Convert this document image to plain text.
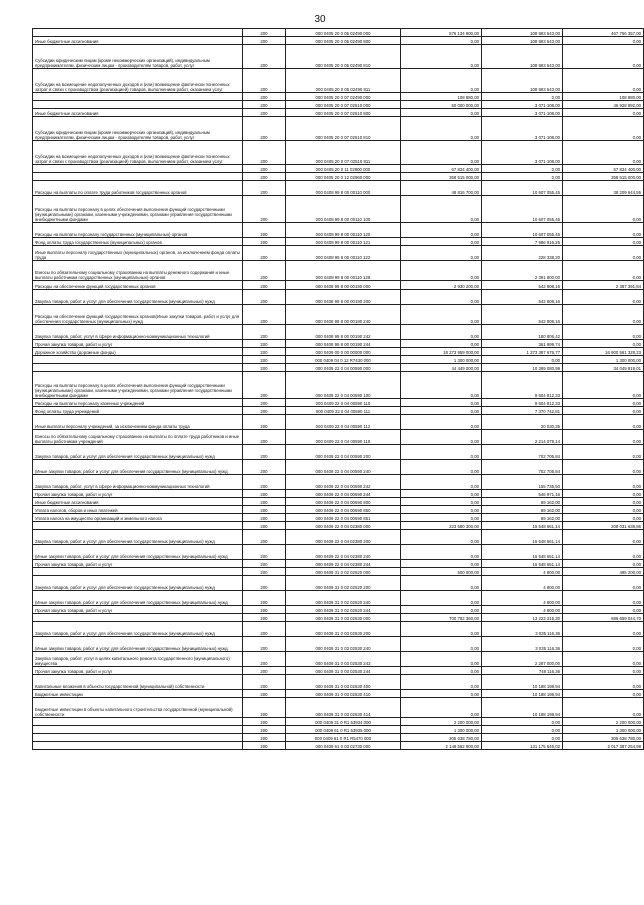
30
	200	000 0405 20 0 05 02490 000	576 134 900,00	108 993 643,00	467 756 357,00
Иные бюджетные ассигнования	200	000 0405 20 0 05 02490 800	0,00	108 993 643,00	0,00
Субсидии юридическим лицам (кроме некоммерческих организаций), индивидуальным предпринимателям, физическим лицам - производителям товаров, работ, услуг	200	000 0405 20 0 05 02490 810	0,00	108 993 643,00	0,00
Субсидии на возмещение недополученных доходов и (или) возмещение фактически понесенных затрат в связи с производством (реализацией) товаров, выполнением работ, оказанием услуг	200	000 0405 20 0 05 02490 811	0,00	108 993 643,00	0,00
	200	000 0405 20 0 07 02490 000	108 880,00	0,00	108 880,00
	200	000 0405 20 0 07 02510 000	50 000 000,00	3 071 108,00	46 928 892,00
Иные бюджетные ассигнования	200	000 0405 20 0 07 02510 800	0,00	3 071 108,00	0,00
Субсидии юридическим лицам (кроме некоммерческих организаций), индивидуальным предпринимателям, физическим лицам - производителям товаров, работ, услуг	200	000 0405 20 0 07 02510 810	0,00	3 071 108,00	0,00
Субсидии на возмещение недополученных доходов и (или) возмещение фактически понесенных затрат в связи с производством (реализацией) товаров, выполнением работ, оказанием услуг	200	000 0405 20 0 07 02510 811	0,00	3 071 108,00	0,00
	200	000 0405 20 0 11 02800 000	67 834 400,00	0,00	67 834 400,00
	200	000 0405 20 0 12 02960 000	358 515 000,00	0,00	358 515 000,00
Расходы на выплаты по оплате труда работников государственных органов	200	000 0408 99 8 00 00110 000	48 816 700,00	10 607 055,45	38 209 644,55
Расходы на выплаты персоналу в целях обеспечения выполнения функций государственными (муниципальными) органами, казенными учреждениями, органами управления государственными внебюджетными фондами	200	000 0408 99 8 00 00110 100	0,00	10 607 055,45	0,00
Расходы на выплаты персоналу государственных (муниципальных) органов	200	000 0408 99 8 00 00110 120	0,00	10 607 055,45	0,00
Фонд оплаты труда государственных (муниципальных) органов	200	000 0408 99 8 00 00110 121	0,00	7 986 916,25	0,00
Иные выплаты персоналу государственных (муниципальных) органов, за исключением фонда оплаты труда	200	000 0408 99 8 00 00110 122	0,00	228 338,20	0,00
Взносы по обязательному социальному страхованию на выплаты денежного содержания и иные выплаты работникам государственных (муниципальных) органов	200	000 0408 99 8 00 00110 129	0,00	2 391 800,00	0,00
Расходы на обеспечение функций государственных органов	200	000 0408 99 8 00 00190 000	2 930 200,00	542 808,16	2 387 391,84
Закупка товаров, работ и услуг для обеспечения государственных (муниципальных) нужд	200	000 0408 99 8 00 00190 200	0,00	542 808,16	0,00
Расходы на обеспечение функций государственных органов(Иные закупки товаров, работ и услуг для обеспечения государственных (муниципальных) нужд	200	000 0408 99 8 00 00190 240	0,00	542 808,16	0,00
Закупка товаров, работ, услуг в сфере информационно-коммуникационных технологий	200	000 0408 99 8 00 00190 242	0,00	180 806,42	0,00
Прочая закупка товаров, работ и услуг	200	000 0408 99 8 00 00190 244	0,00	361 999,74	0,00
Дорожное хозяйство (дорожные фонды)	200	000 0409 00 0 00 00000 000	18 273 959 000,00	1 373 397 676,77	16 900 561 328,23
	200	000 0409 04 0 12 R7430 000	1 300 000,00	0,00	1 300 000,00
	200	000 0409 22 0 04 00590 000	44 449 000,00	10 399 080,99	34 049 919,01
Расходы на выплаты персоналу в целях обеспечения выполнения функций государственными (муниципальными) органами, казенными учреждениями, органами управления государственными внебюджетными фондами	200	000 0409 22 0 04 00590 100	0,00	9 604 812,33	0,00
Расходы на выплаты персоналу казенных учреждений	200	000 0409 22 0 04 00590 110	0,00	9 604 812,33	0,00
Фонд оплаты труда учреждений	200	000 0409 22 0 04 00590 111	0,00	7 370 742,81	0,00
Иные выплаты персоналу учреждений, за исключением фонда оплаты труда	200	000 0409 22 0 04 00590 112	0,00	20 030,35	0,00
Взносы по обязательному социальному страхованию на выплаты по оплате труда работников и иные выплаты работникам учреждений	200	000 0409 22 0 04 00590 119	0,00	2 214 079,14	0,00
Закупка товаров, работ и услуг для обеспечения государственных (муниципальных) нужд	200	000 0409 22 0 04 00590 200	0,00	702 705,84	0,00
(Иные закупки товаров, работ и услуг для обеспечения государственных (муниципальных) нужд	200	000 0409 22 0 04 00590 240	0,00	702 705,84	0,00
Закупка товаров, работ, услуг в сфере информационно-коммуникационных технологий	200	000 0409 22 0 04 00590 242	0,00	155 735,50	0,00
Прочая закупка товаров, работ и услуг	200	000 0409 22 0 04 00590 244	0,00	546 971,16	0,00
Иные бюджетные ассигнования	200	000 0409 22 0 04 00590 800	0,00	89 162,00	0,00
Уплата налогов, сборов и иных платежей	200	000 0409 22 0 04 00590 850	0,00	89 162,00	0,00
Уплата налога на имущество организаций и земельного налога	200	000 0409 22 0 04 00590 851	0,00	89 162,00	0,00
	200	000 0409 22 0 04 02380 000	223 580 300,00	15 548 661,14	208 031 638,86
Закупка товаров, работ и услуг для обеспечения государственных (муниципальных) нужд	200	000 0409 22 0 04 02380 200	0,00	15 548 661,14	0,00
(Иные закупки товаров, работ и услуг для обеспечения государственных (муниципальных) нужд	200	000 0409 22 0 04 02380 240	0,00	15 548 661,14	0,00
Прочая закупка товаров, работ и услуг	200	000 0409 22 0 04 02380 244	0,00	15 548 661,14	0,00
	200	000 0409 31 0 02 02520 000	500 000,00	4 800,00	495 200,00
Закупка товаров, работ и услуг для обеспечения государственных (муниципальных) нужд	200	000 0409 31 0 02 02520 200	0,00	4 800,00	0,00
(Иные закупки товаров, работ и услуг для обеспечения государственных (муниципальных) нужд	200	000 0409 31 0 02 02520 240	0,00	4 800,00	0,00
Прочая закупка товаров, работ и услуг	200	000 0409 31 0 02 02520 244	0,00	4 800,00	0,00
	200	000 0409 31 0 03 02530 000	700 782 360,00	13 223 315,30	686 659 044,70
Закупка товаров, работ и услуг для обеспечения государственных (муниципальных) нужд	200	000 0409 31 0 03 02530 200	0,00	3 035 116,36	0,00
(Иные закупки товаров, работ и услуг для обеспечения государственных (муниципальных) нужд	200	000 0409 31 0 03 02530 240	0,00	3 035 116,36	0,00
Закупка товаров, работ, услуг в целях капитального ремонта государственного (муниципального) имущества	200	000 0409 31 0 03 02530 243	0,00	2 287 000,00	0,00
Прочая закупка товаров, работ и услуг	200	000 0409 31 0 03 02530 244	0,00	748 116,36	0,00
Капитальные вложения в объекты государственной (муниципальной) собственности	200	000 0409 31 0 03 02530 400	0,00	10 188 198,94	0,00
Бюджетные инвестиции	200	000 0409 31 0 03 02530 410	0,00	10 188 198,94	0,00
Бюджетные инвестиции в объекты капитального строительства государственной (муниципальной) собственности	200	000 0409 31 0 03 02530 414	0,00	10 188 198,94	0,00
	200	000 0409 31 0 R1 53934 000	2 200 000,00	0,00	2 200 000,00
	200	000 0409 61 0 R1 53935 000	1 300 000,00	0,00	1 300 000,00
	200	000 0409 61 0 R1 R5470 000	305 638 780,00	0,00	305 638 780,00
	200	000 0409 61 0 03 02730 000	2 148 562 900,00	131 175 645,02	2 017 387 254,98
